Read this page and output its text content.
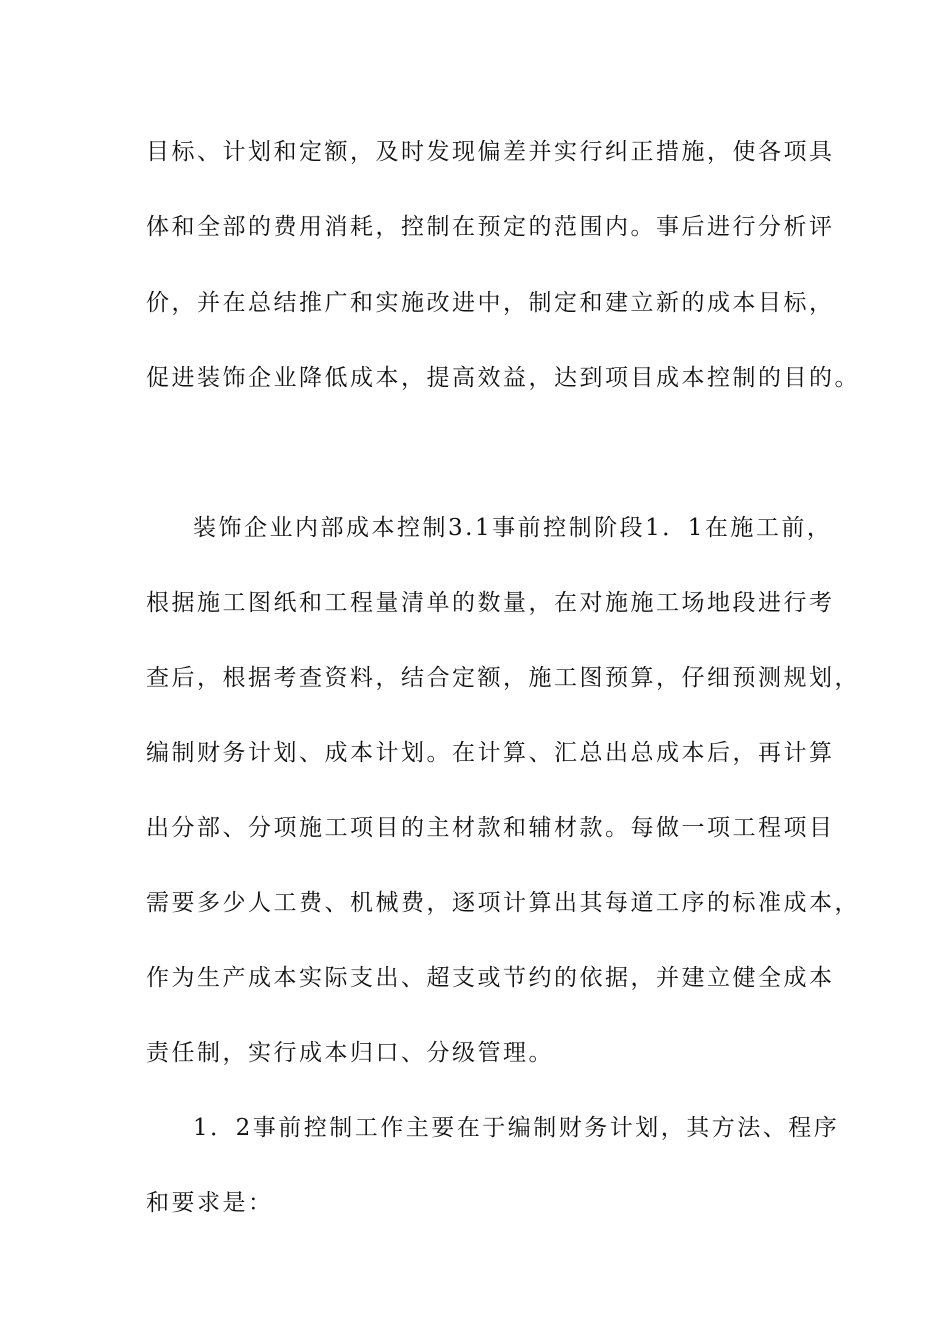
目标、计划和定额，及时发现偏差并实行纠正措施，使各项具
体和全部的费用消耗，控制在预定的范围内。事后进行分析评
价，并在总结推广和实施改进中，制定和建立新的成本目标，
促进装饰企业降低成本，提高效益，达到项目成本控制的目的。
装饰企业内部成本控制3.1事前控制阶段1．1在施工前，
根据施工图纸和工程量清单的数量，在对施施工场地段进行考
查后，根据考查资料，结合定额，施工图预算，仔细预测规划，
编制财务计划、成本计划。在计算、汇总出总成本后，再计算
出分部、分项施工项目的主材款和辅材款。每做一项工程项目
需要多少人工费、机械费，逐项计算出其每道工序的标准成本，
作为生产成本实际支出、超支或节约的依据，并建立健全成本
责任制，实行成本归口、分级管理。
1．2事前控制工作主要在于编制财务计划，其方法、程序
和要求是：
